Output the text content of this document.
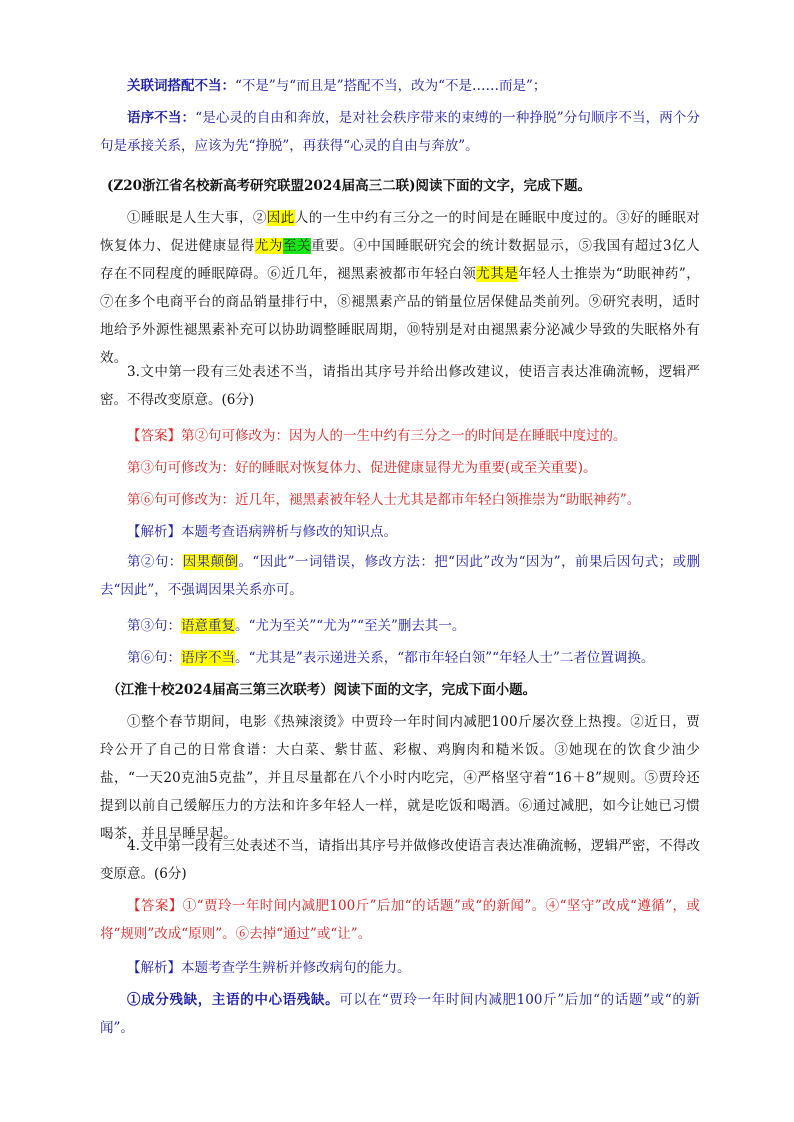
关联词搭配不当：“不是”与“而且是”搭配不当，改为“不是……而是”；

语序不当：“是心灵的自由和奔放，是对社会秩序带来的束缚的一种挣脱”分句顺序不当，两个分句是承接关系，应该为先“挣脱”，再获得“心灵的自由与奔放”。

(Z20浙江省名校新高考研究联盟2024届高三二联)阅读下面的文字，完成下题。

①睡眠是人生大事，②因此人的一生中约有三分之一的时间是在睡眠中度过的。③好的睡眠对恢复体力、促进健康显得尤为至关重要。④中国睡眠研究会的统计数据显示，⑤我国有超过3亿人存在不同程度的睡眠障碍。⑥近几年，褪黑素被都市年轻白领尤其是年轻人士推崇为“助眠神药”，⑦在多个电商平台的商品销量排行中，⑧褪黑素产品的销量位居保健品类前列。⑨研究表明，适时地给予外源性褪黑素补充可以协助调整睡眠周期，⑩特别是对由褪黑素分泌减少导致的失眠格外有效。

3.文中第一段有三处表述不当，请指出其序号并给出修改建议，使语言表达准确流畅，逻辑严密。不得改变原意。(6分)

【答案】第②句可修改为：因为人的一生中约有三分之一的时间是在睡眠中度过的。

第③句可修改为：好的睡眠对恢复体力、促进健康显得尤为重要(或至关重要)。

第⑥句可修改为：近几年，褪黑素被年轻人士尤其是都市年轻白领推崇为“助眠神药”。

【解析】本题考查语病辨析与修改的知识点。

第②句：因果颠倒。“因此”一词错误，修改方法：把“因此”改为“因为”，前果后因句式；或删去“因此”，不强调因果关系亦可。

第③句：语意重复。“尤为至关”“尤为”“至关”删去其一。

第⑥句：语序不当。“尤其是”表示递进关系，“都市年轻白领”“年轻人士”二者位置调换。

（江淮十校2024届高三第三次联考）阅读下面的文字，完成下面小题。

①整个春节期间，电影《热辣滚烫》中贾玲一年时间内减肥100斤屡次登上热搜。②近日，贾玲公开了自己的日常食谱：大白菜、紫甘蓝、彩椒、鸡胸肉和糙米饭。③她现在的饮食少油少盐，“一天20克油5克盐”，并且尽量都在八个小时内吃完，④严格坚守着“16＋8”规则。⑤贾玲还提到以前自己缓解压力的方法和许多年轻人一样，就是吃饭和喝酒。⑥通过减肥，如今让她已习惯喝茶，并且早睡早起。

4.文中第一段有三处表述不当，请指出其序号并做修改使语言表达准确流畅，逻辑严密，不得改变原意。(6分)

【答案】①“贾玲一年时间内减肥100斤”后加“的话题”或“的新闻”。④“坚守”改成“遵循”，或将“规则”改成“原则”。⑥去掉“通过”或“让”。

【解析】本题考查学生辨析并修改病句的能力。

①成分残缺，主语的中心语残缺。可以在“贾玲一年时间内减肥100斤”后加“的话题”或“的新闻”。
